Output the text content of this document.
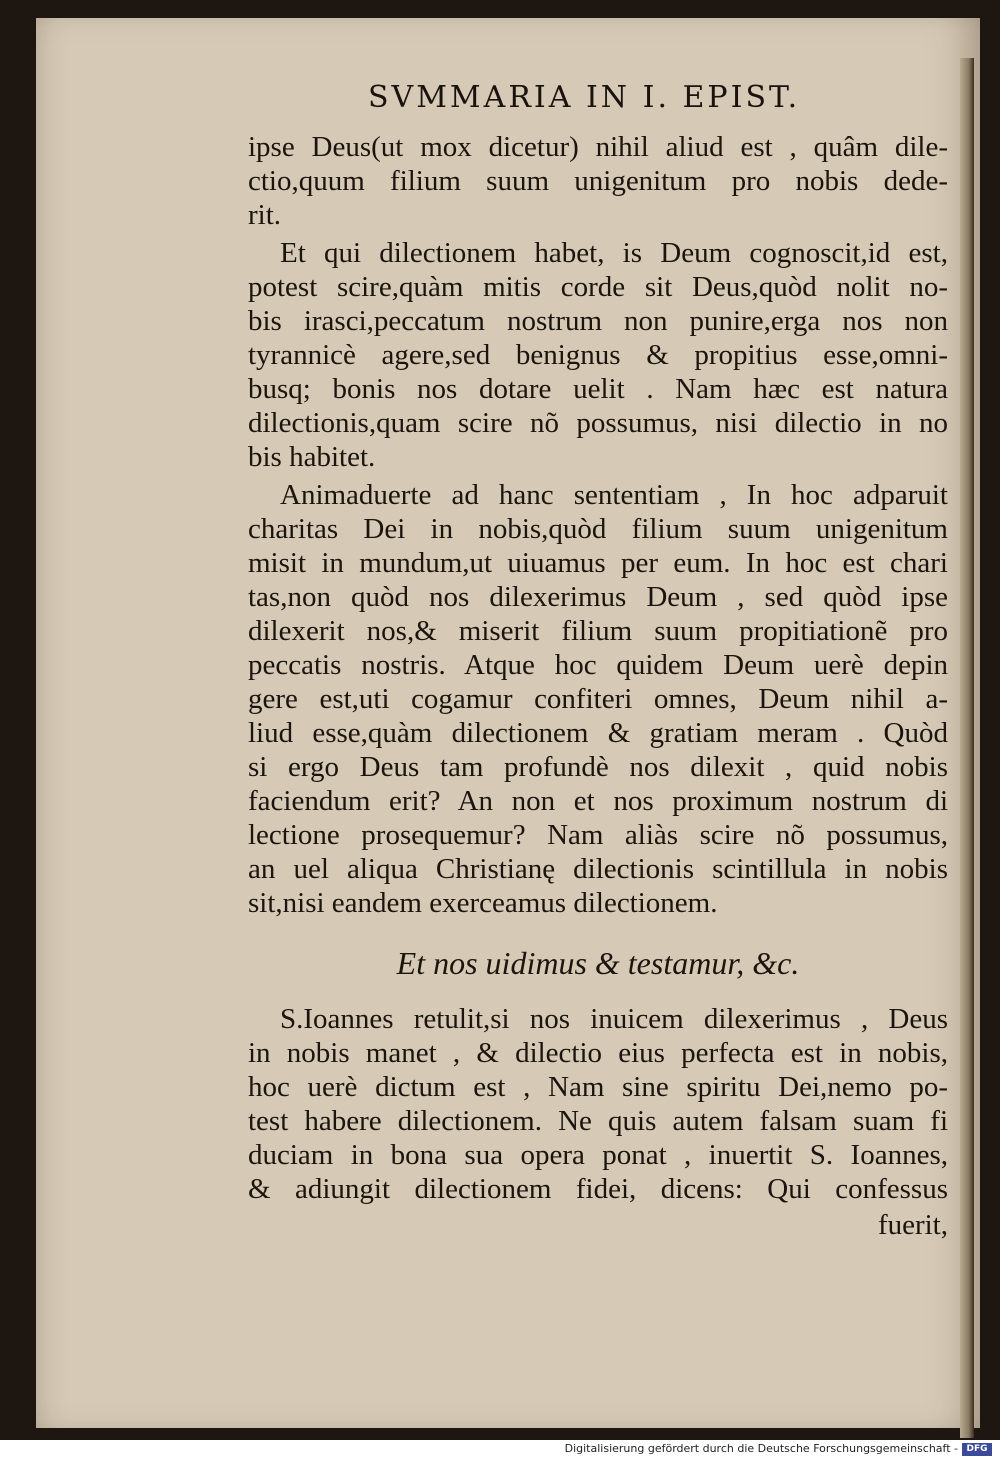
SVMMARIA IN I. EPIST.
ipse Deus(ut mox dicetur) nihil aliud est , quâm dile-
ctio,quum filium suum unigenitum pro nobis dede-
rit.
Et qui dilectionem habet, is Deum cognoscit,id est,
potest scire,quàm mitis corde sit Deus,quòd nolit no-
bis irasci,peccatum nostrum non punire,erga nos non
tyrannicè agere,sed benignus & propitius esse,omni-
busq; bonis nos dotare uelit . Nam hæc est natura
dilectionis,quam scire nõ possumus, nisi dilectio in no
bis habitet.
Animaduerte ad hanc sententiam , In hoc adparuit
charitas Dei in nobis,quòd filium suum unigenitum
misit in mundum,ut uiuamus per eum. In hoc est chari
tas,non quòd nos dilexerimus Deum , sed quòd ipse
dilexerit nos,& miserit filium suum propitiationẽ pro
peccatis nostris. Atque hoc quidem Deum uerè depin
gere est,uti cogamur confiteri omnes, Deum nihil a-
liud esse,quàm dilectionem & gratiam meram . Quòd
si ergo Deus tam profundè nos dilexit , quid nobis
faciendum erit? An non et nos proximum nostrum di
lectione prosequemur? Nam aliàs scire nõ possumus,
an uel aliqua Christianę dilectionis scintillula in nobis
sit,nisi eandem exerceamus dilectionem.
Et nos uidimus & testamur, &c.
S.Ioannes retulit,si nos inuicem dilexerimus , Deus
in nobis manet , & dilectio eius perfecta est in nobis,
hoc uerè dictum est , Nam sine spiritu Dei,nemo po-
test habere dilectionem. Ne quis autem falsam suam fi
duciam in bona sua opera ponat , inuertit S. Ioannes,
& adiungit dilectionem fidei, dicens: Qui confessus
fuerit,
Digitalisierung gefördert durch die Deutsche Forschungsgemeinschaft - DFG
